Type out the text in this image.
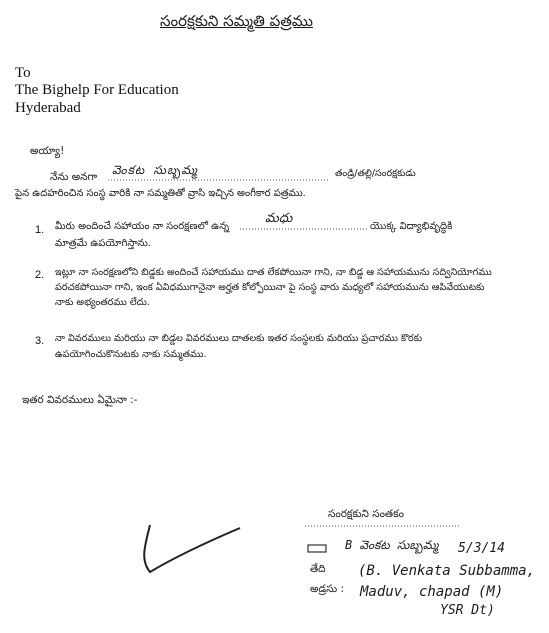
సంరక్షకుని సమ్మతి పత్రము
To
The Bighelp For Education
Hyderabad
అయ్యా!
నేను అనగా వెంకట సుబ్బమ్మ	తండ్రి/తల్లి/సంరక్షకుడు
పైన ఉదహరించిన సంస్థ వారికి నా సమ్మతితో వ్రాసి ఇచ్చిన అంగీకార పత్రము.
1. మీరు అందించే సహాయం నా సంరక్షణలో ఉన్న
మధు
యొక్క విద్యాభివృద్ధికి
మాత్రమే ఉపయోగిస్తాను.
2. ఇట్లూ నా సంరక్షణలోని బిడ్డకు అందించే సహాయము దాత లేకపోయినా గాని, నా బిడ్డ ఆ సహాయమును సద్వినియోగము పరచకపోయినా గాని, ఇంక ఏవిధముగానైనా అర్హత కోల్పోయినా పై సంస్థ వారు మధ్యలో సహాయమును ఆపివేయుటకు నాకు అభ్యంతరము లేదు.
3. నా వివరములు మరియు నా బిడ్డల వివరములు దాతలకు ఇతర సంస్థలకు మరియు ప్రచారము కొరకు ఉపయోగించుకొనుటకు నాకు సమ్మతము.
ఇతర వివరములు ఏమైనా :-
సంరక్షకుని సంతకం
B వెంకట సుబ్బమ్మ 5/3/14
తేది
అడ్రసు :
(B. Venkata Subbamma,
Maduv, chapad (M)
YSR Dt)
